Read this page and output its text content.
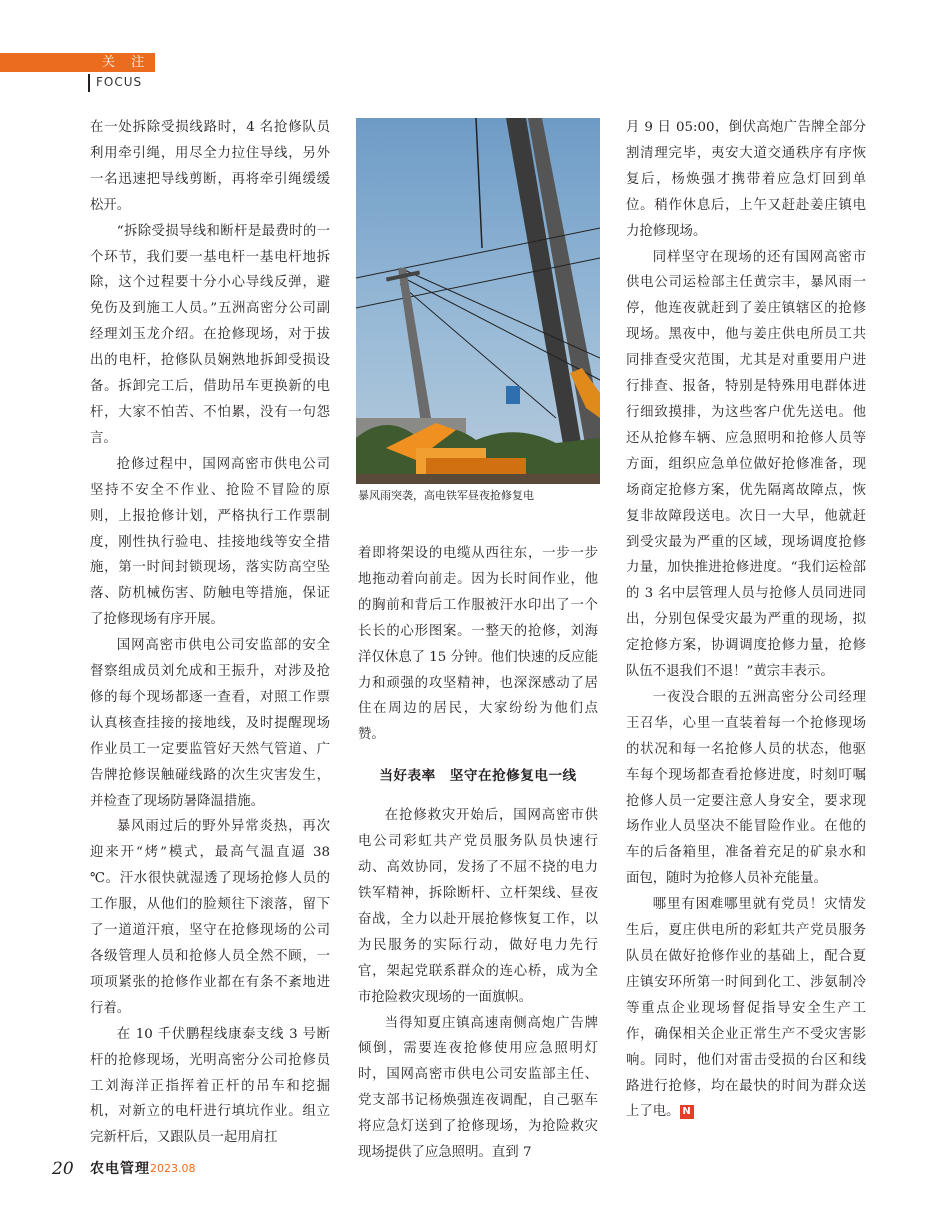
关 注
FOCUS

在一处拆除受损线路时，4 名抢修队员利用牵引绳，用尽全力拉住导线，另外一名迅速把导线剪断，再将牵引绳缓缓松开。

“拆除受损导线和断杆是最费时的一个环节，我们要一基电杆一基电杆地拆除，这个过程要十分小心导线反弹，避免伤及到施工人员。”五洲高密分公司副经理刘玉龙介绍。在抢修现场，对于拔出的电杆，抢修队员娴熟地拆卸受损设备。拆卸完工后，借助吊车更换新的电杆，大家不怕苦、不怕累，没有一句怨言。

抢修过程中，国网高密市供电公司坚持不安全不作业、抢险不冒险的原则，上报抢修计划，严格执行工作票制度，刚性执行验电、挂接地线等安全措施，第一时间封锁现场，落实防高空坠落、防机械伤害、防触电等措施，保证了抢修现场有序开展。

国网高密市供电公司安监部的安全督察组成员刘允成和王振升，对涉及抢修的每个现场都逐一查看，对照工作票认真核查挂接的接地线，及时提醒现场作业员工一定要监管好天然气管道、广告牌抢修误触碰线路的次生灾害发生，并检查了现场防暑降温措施。

暴风雨过后的野外异常炎热，再次迎来开“烤”模式，最高气温直逼 38 ℃。汗水很快就湿透了现场抢修人员的工作服，从他们的脸颊往下滚落，留下了一道道汗痕，坚守在抢修现场的公司各级管理人员和抢修人员全然不顾，一项项紧张的抢修作业都在有条不紊地进行着。

在 10 千伏鹏程线康泰支线 3 号断杆的抢修现场，光明高密分公司抢修员工刘海洋正指挥着正杆的吊车和挖掘机，对新立的电杆进行填坑作业。组立完新杆后，又跟队员一起用肩扛

暴风雨突袭，高电铁军昼夜抢修复电

着即将架设的电缆从西往东，一步一步地拖动着向前走。因为长时间作业，他的胸前和背后工作服被汗水印出了一个长长的心形图案。一整天的抢修，刘海洋仅休息了 15 分钟。他们快速的反应能力和顽强的攻坚精神，也深深感动了居住在周边的居民，大家纷纷为他们点赞。

当好表率　坚守在抢修复电一线

在抢修救灾开始后，国网高密市供电公司彩虹共产党员服务队员快速行动、高效协同，发扬了不屈不挠的电力铁军精神，拆除断杆、立杆架线、昼夜奋战，全力以赴开展抢修恢复工作，以为民服务的实际行动，做好电力先行官，架起党联系群众的连心桥，成为全市抢险救灾现场的一面旗帜。

当得知夏庄镇高速南侧高炮广告牌倾倒，需要连夜抢修使用应急照明灯时，国网高密市供电公司安监部主任、党支部书记杨焕强连夜调配，自己驱车将应急灯送到了抢修现场，为抢险救灾现场提供了应急照明。直到 7

月 9 日 05:00，倒伏高炮广告牌全部分割清理完毕，夷安大道交通秩序有序恢复后，杨焕强才携带着应急灯回到单位。稍作休息后，上午又赶赴姜庄镇电力抢修现场。

同样坚守在现场的还有国网高密市供电公司运检部主任黄宗丰，暴风雨一停，他连夜就赶到了姜庄镇辖区的抢修现场。黑夜中，他与姜庄供电所员工共同排查受灾范围，尤其是对重要用户进行排查、报备，特别是特殊用电群体进行细致摸排，为这些客户优先送电。他还从抢修车辆、应急照明和抢修人员等方面，组织应急单位做好抢修准备，现场商定抢修方案，优先隔离故障点，恢复非故障段送电。次日一大早，他就赶到受灾最为严重的区域，现场调度抢修力量，加快推进抢修进度。“我们运检部的 3 名中层管理人员与抢修人员同进同出，分别包保受灾最为严重的现场，拟定抢修方案，协调调度抢修力量，抢修队伍不退我们不退！”黄宗丰表示。

一夜没合眼的五洲高密分公司经理王召华，心里一直装着每一个抢修现场的状况和每一名抢修人员的状态，他驱车每个现场都查看抢修进度，时刻叮嘱抢修人员一定要注意人身安全，要求现场作业人员坚决不能冒险作业。在他的车的后备箱里，准备着充足的矿泉水和面包，随时为抢修人员补充能量。

哪里有困难哪里就有党员！灾情发生后，夏庄供电所的彩虹共产党员服务队员在做好抢修作业的基础上，配合夏庄镇安环所第一时间到化工、涉氨制冷等重点企业现场督促指导安全生产工作，确保相关企业正常生产不受灾害影响。同时，他们对雷击受损的台区和线路进行抢修，均在最快的时间为群众送上了电。 N

20 农电管理 2023.08
